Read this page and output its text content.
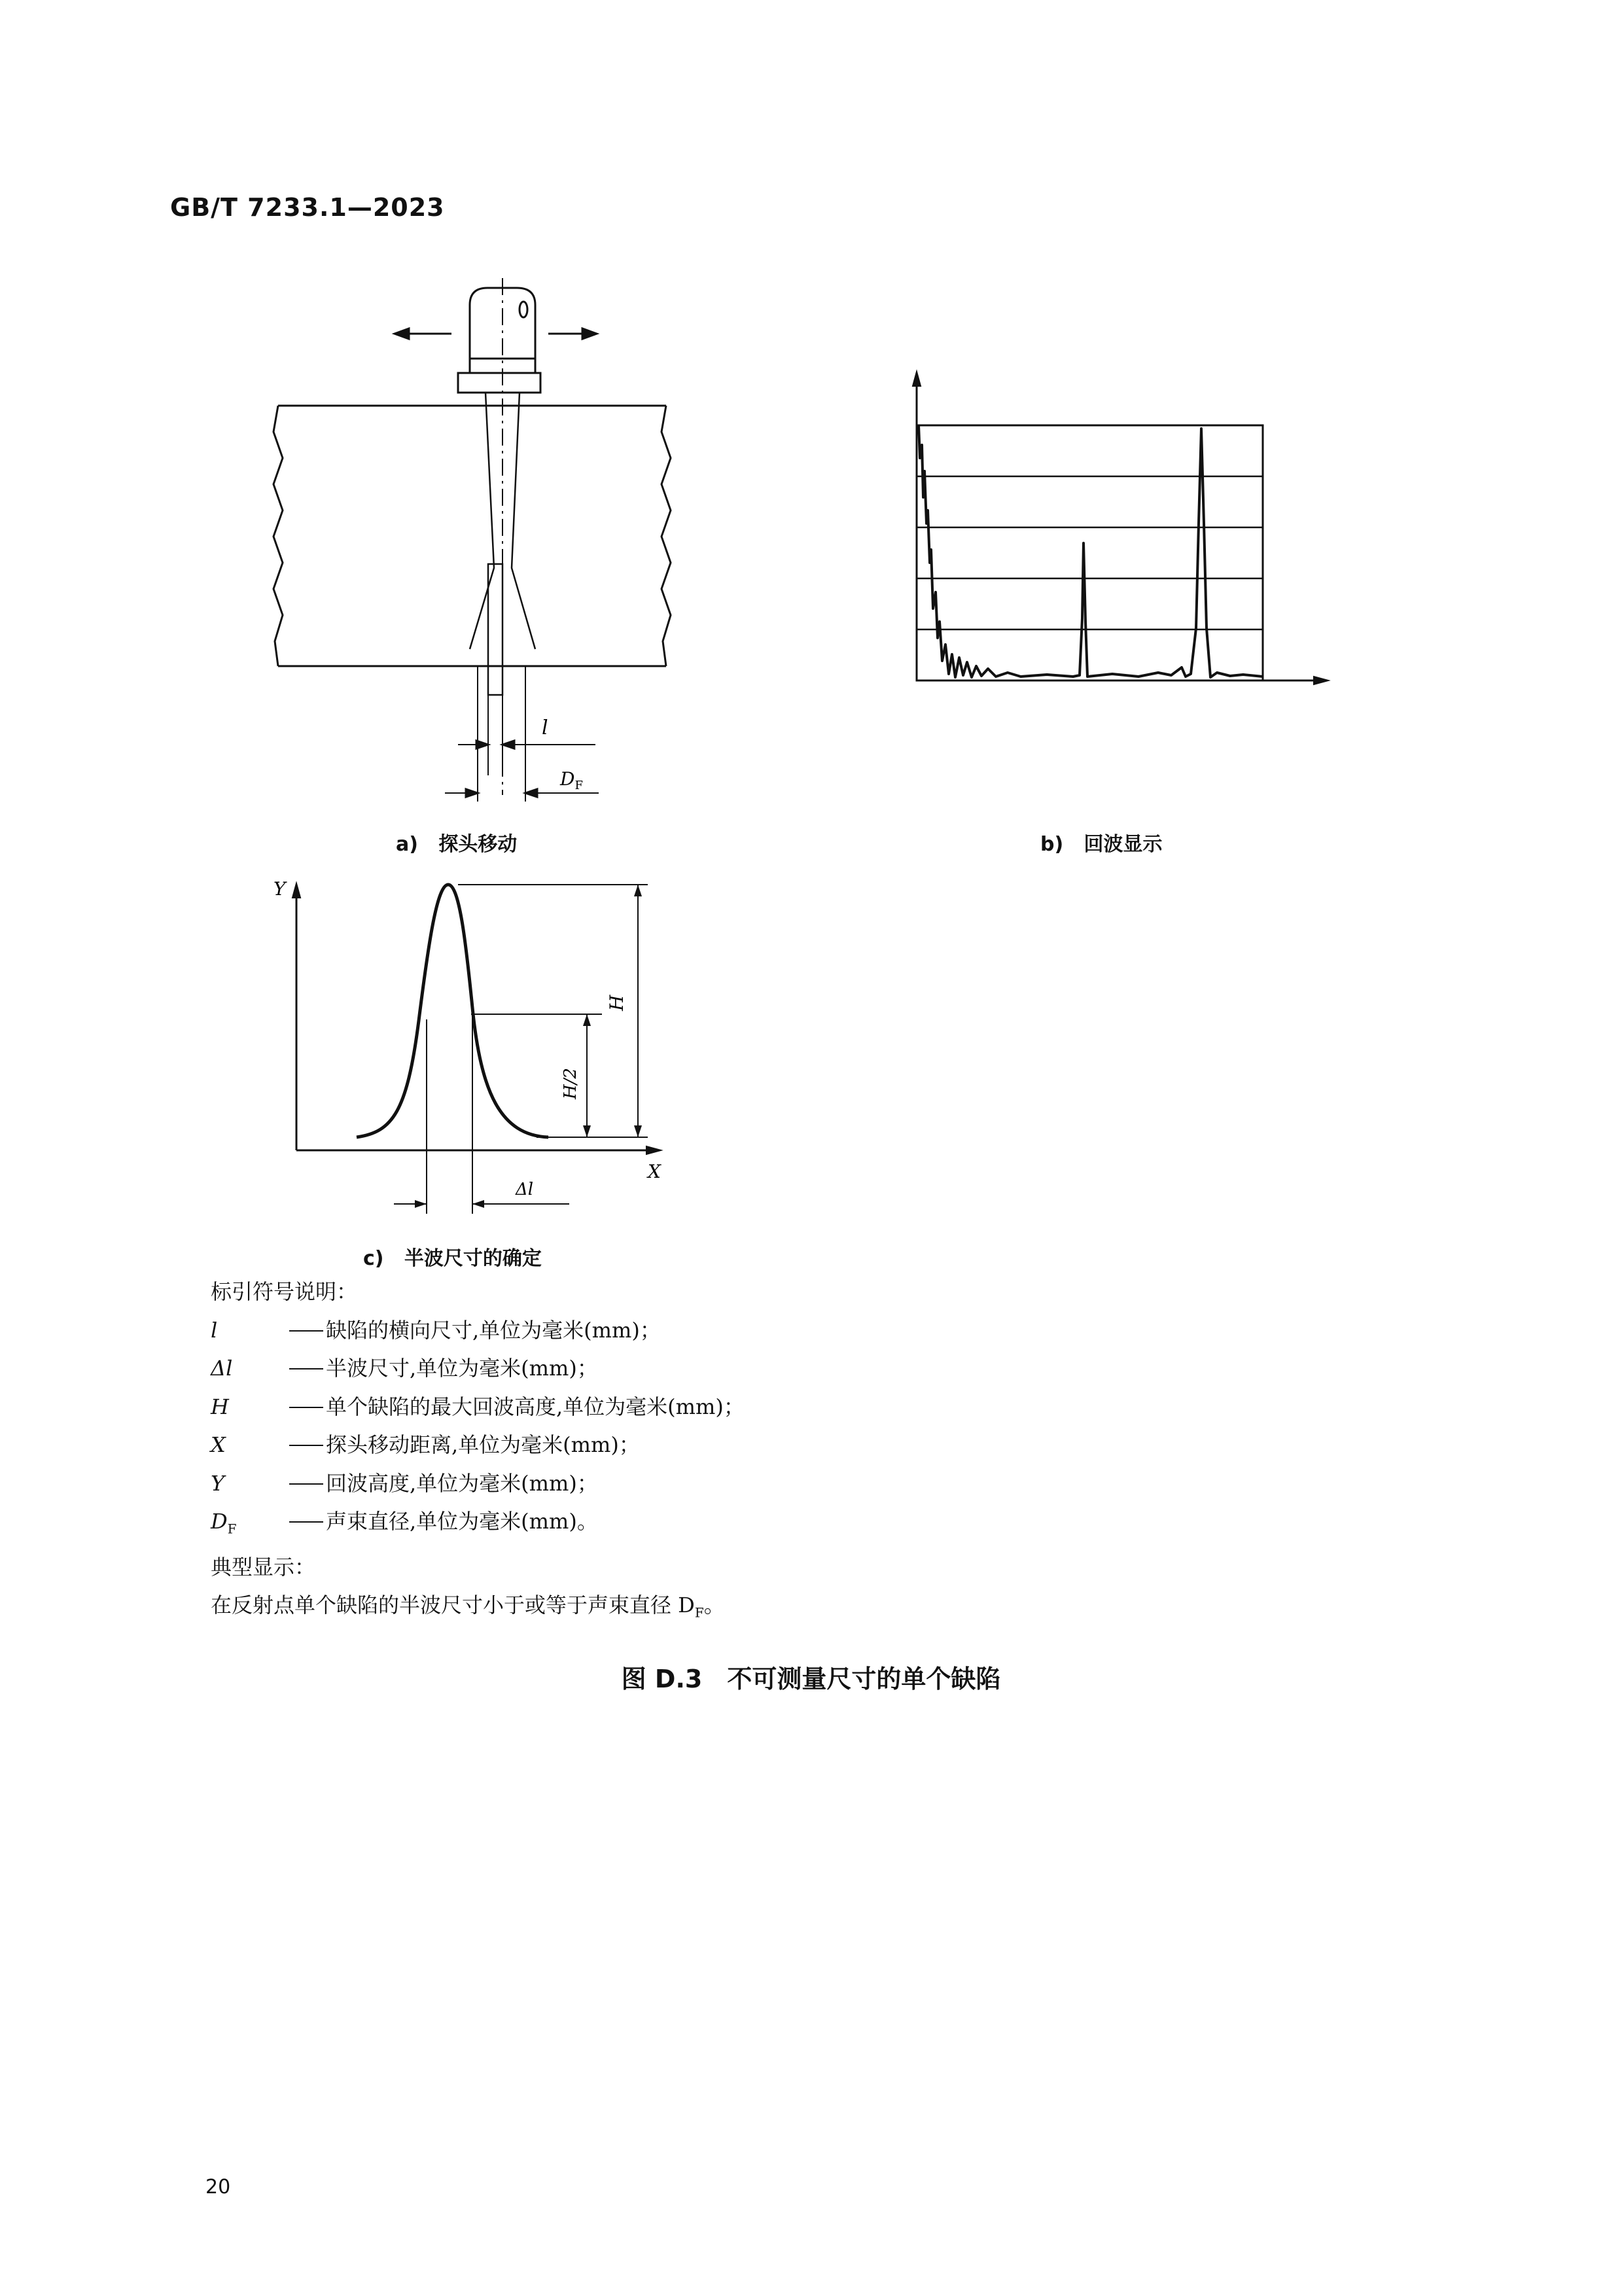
GB/T 7233.1—2023
l
$D_F$
a) 探头移动	b) 回波显示
Y
X
Δl
H
H/2
c) 半波尺寸的确定
标引符号说明：
l	缺陷的横向尺寸,单位为毫米(mm)；
Δl	半波尺寸,单位为毫米(mm)；
H	单个缺陷的最大回波高度,单位为毫米(mm)；
X	探头移动距离,单位为毫米(mm)；
Y	回波高度,单位为毫米(mm)；
$D_F$	声束直径,单位为毫米(mm)。
典型显示：
在反射点单个缺陷的半波尺寸小于或等于声束直径 $D_F$。
图 D.3　不可测量尺寸的单个缺陷
20
